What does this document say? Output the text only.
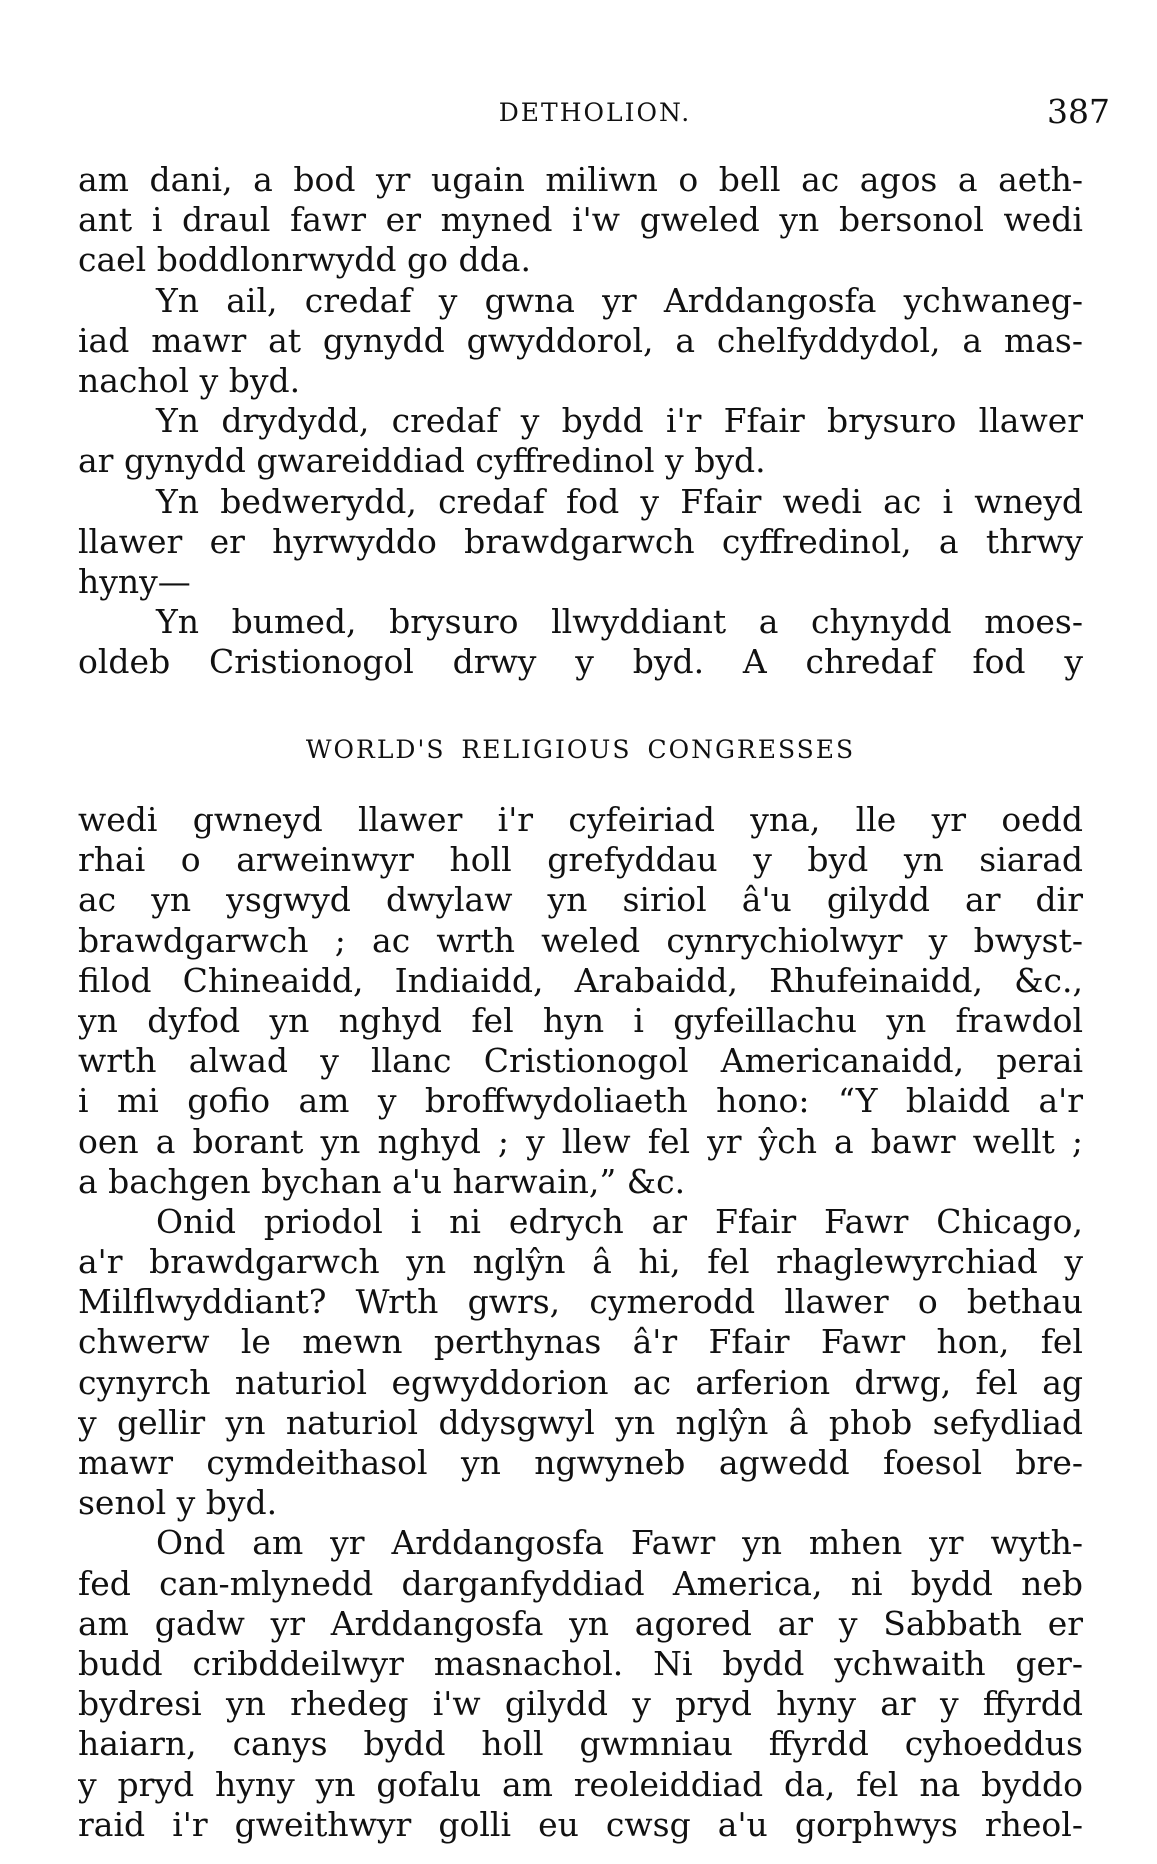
DETHOLION.	387
am dani, a bod yr ugain miliwn o bell ac agos a aeth-
ant i draul fawr er myned i'w gweled yn bersonol wedi
cael boddlonrwydd go dda.
Yn ail, credaf y gwna yr Arddangosfa ychwaneg-
iad mawr at gynydd gwyddorol, a chelfyddydol, a mas-
nachol y byd.
Yn drydydd, credaf y bydd i'r Ffair brysuro llawer
ar gynydd gwareiddiad cyffredinol y byd.
Yn bedwerydd, credaf fod y Ffair wedi ac i wneyd
llawer er hyrwyddo brawdgarwch cyffredinol, a thrwy
hyny—
Yn bumed, brysuro llwyddiant a chynydd moes-
oldeb Cristionogol drwy y byd. A chredaf fod y
WORLD'S RELIGIOUS CONGRESSES
wedi gwneyd llawer i'r cyfeiriad yna, lle yr oedd
rhai o arweinwyr holl grefyddau y byd yn siarad
ac yn ysgwyd dwylaw yn siriol â'u gilydd ar dir
brawdgarwch ; ac wrth weled cynrychiolwyr y bwyst-
filod Chineaidd, Indiaidd, Arabaidd, Rhufeinaidd, &c.,
yn dyfod yn nghyd fel hyn i gyfeillachu yn frawdol
wrth alwad y llanc Cristionogol Americanaidd, perai
i mi gofio am y broffwydoliaeth hono: “Y blaidd a'r
oen a borant yn nghyd ; y llew fel yr ŷch a bawr wellt ;
a bachgen bychan a'u harwain,” &c.
Onid priodol i ni edrych ar Ffair Fawr Chicago,
a'r brawdgarwch yn nglŷn â hi, fel rhaglewyrchiad y
Milflwyddiant? Wrth gwrs, cymerodd llawer o bethau
chwerw le mewn perthynas â'r Ffair Fawr hon, fel
cynyrch naturiol egwyddorion ac arferion drwg, fel ag
y gellir yn naturiol ddysgwyl yn nglŷn â phob sefydliad
mawr cymdeithasol yn ngwyneb agwedd foesol bre-
senol y byd.
Ond am yr Arddangosfa Fawr yn mhen yr wyth-
fed can-mlynedd darganfyddiad America, ni bydd neb
am gadw yr Arddangosfa yn agored ar y Sabbath er
budd cribddeilwyr masnachol. Ni bydd ychwaith ger-
bydresi yn rhedeg i'w gilydd y pryd hyny ar y ffyrdd
haiarn, canys bydd holl gwmniau ffyrdd cyhoeddus
y pryd hyny yn gofalu am reoleiddiad da, fel na byddo
raid i'r gweithwyr golli eu cwsg a'u gorphwys rheol-
